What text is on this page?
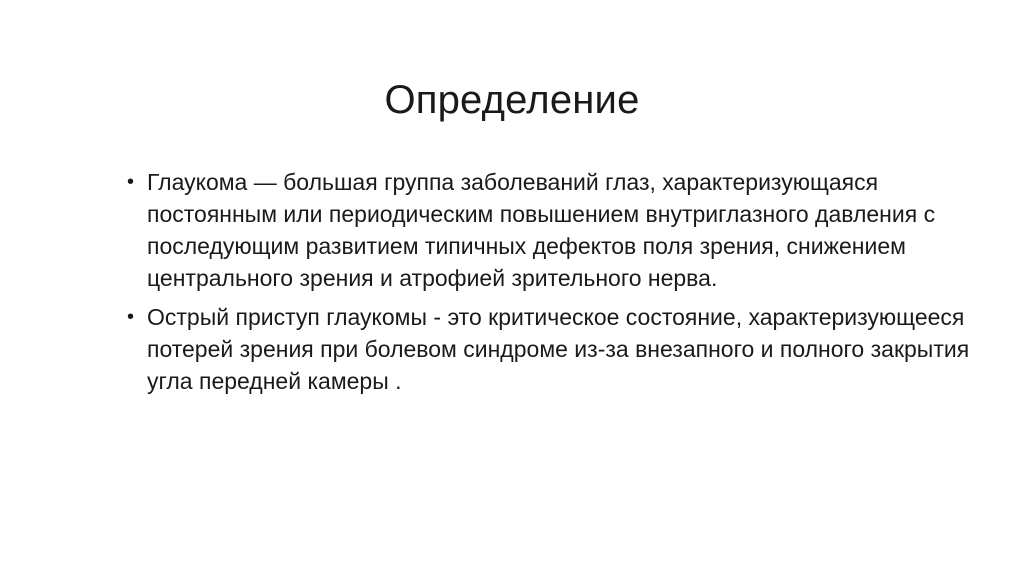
Определение
• Глаукома — большая группа заболеваний глаз, характеризующаяся постоянным или периодическим повышением внутриглазного давления с последующим развитием типичных дефектов поля зрения, снижением центрального зрения и атрофией зрительного нерва.
• Острый приступ глаукомы - это критическое состояние, характеризующееся потерей зрения при болевом синдроме из-за внезапного и полного закрытия угла передней камеры .
